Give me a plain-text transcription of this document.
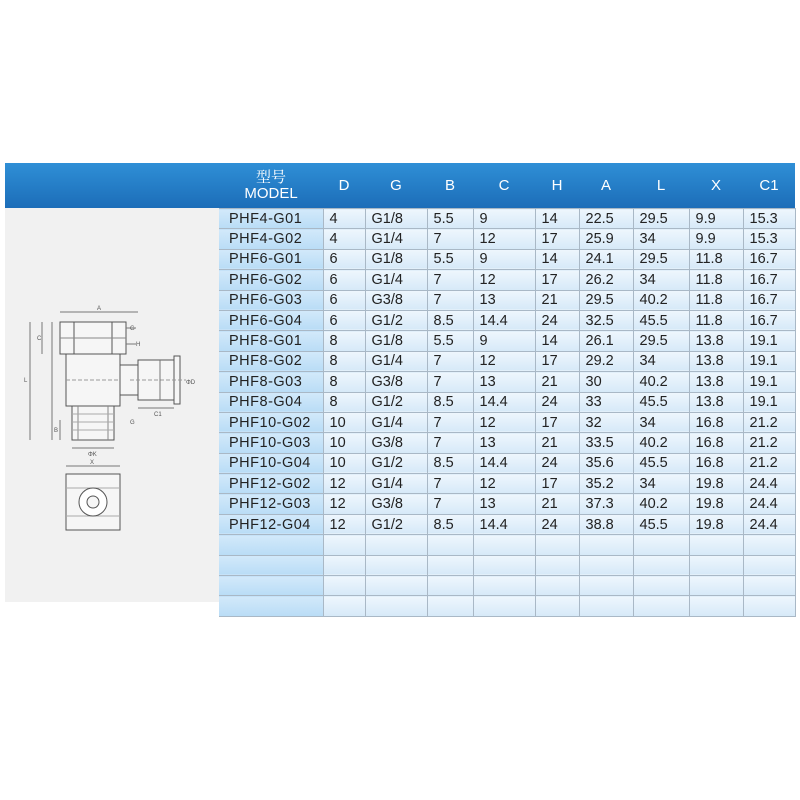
A
G
H
L
C
ΦD
C1
B
G
ΦK
X
型号
MODEL	D	G	B	C	H	A	L	X	C1
PHF4-G01	4	G1/8	5.5	9	14	22.5	29.5	9.9	15.3
PHF4-G02	4	G1/4	7	12	17	25.9	34	9.9	15.3
PHF6-G01	6	G1/8	5.5	9	14	24.1	29.5	11.8	16.7
PHF6-G02	6	G1/4	7	12	17	26.2	34	11.8	16.7
PHF6-G03	6	G3/8	7	13	21	29.5	40.2	11.8	16.7
PHF6-G04	6	G1/2	8.5	14.4	24	32.5	45.5	11.8	16.7
PHF8-G01	8	G1/8	5.5	9	14	26.1	29.5	13.8	19.1
PHF8-G02	8	G1/4	7	12	17	29.2	34	13.8	19.1
PHF8-G03	8	G3/8	7	13	21	30	40.2	13.8	19.1
PHF8-G04	8	G1/2	8.5	14.4	24	33	45.5	13.8	19.1
PHF10-G02	10	G1/4	7	12	17	32	34	16.8	21.2
PHF10-G03	10	G3/8	7	13	21	33.5	40.2	16.8	21.2
PHF10-G04	10	G1/2	8.5	14.4	24	35.6	45.5	16.8	21.2
PHF12-G02	12	G1/4	7	12	17	35.2	34	19.8	24.4
PHF12-G03	12	G3/8	7	13	21	37.3	40.2	19.8	24.4
PHF12-G04	12	G1/2	8.5	14.4	24	38.8	45.5	19.8	24.4
